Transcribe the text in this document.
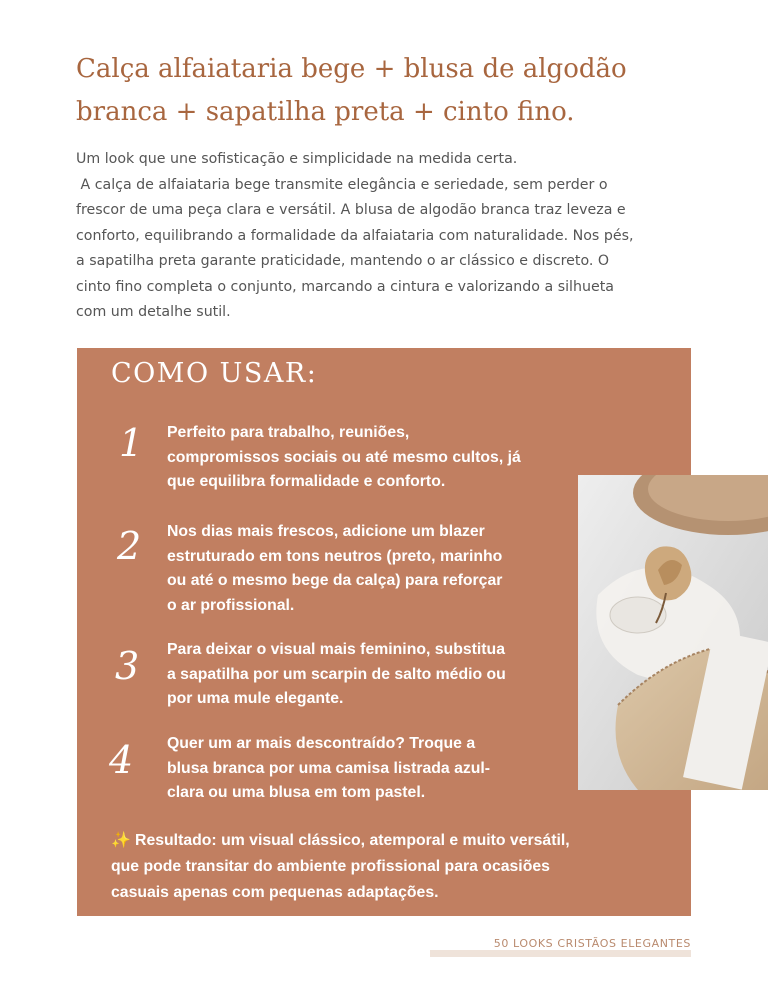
Calça alfaiataria bege + blusa de algodão
branca + sapatilha preta + cinto fino.
Um look que une sofisticação e simplicidade na medida certa.
A calça de alfaiataria bege transmite elegância e seriedade, sem perder o
frescor de uma peça clara e versátil. A blusa de algodão branca traz leveza e
conforto, equilibrando a formalidade da alfaiataria com naturalidade. Nos pés,
a sapatilha preta garante praticidade, mantendo o ar clássico e discreto. O
cinto fino completa o conjunto, marcando a cintura e valorizando a silhueta
com um detalhe sutil.
COMO USAR:
1 Perfeito para trabalho, reuniões,
compromissos sociais ou até mesmo cultos, já
que equilibra formalidade e conforto.
2 Nos dias mais frescos, adicione um blazer
estruturado em tons neutros (preto, marinho
ou até o mesmo bege da calça) para reforçar
o ar profissional.
3 Para deixar o visual mais feminino, substitua
a sapatilha por um scarpin de salto médio ou
por uma mule elegante.
4 Quer um ar mais descontraído? Troque a
blusa branca por uma camisa listrada azul-
clara ou uma blusa em tom pastel.
✨ Resultado: um visual clássico, atemporal e muito versátil,
que pode transitar do ambiente profissional para ocasiões
casuais apenas com pequenas adaptações.
50 LOOKS CRISTÃOS ELEGANTES
